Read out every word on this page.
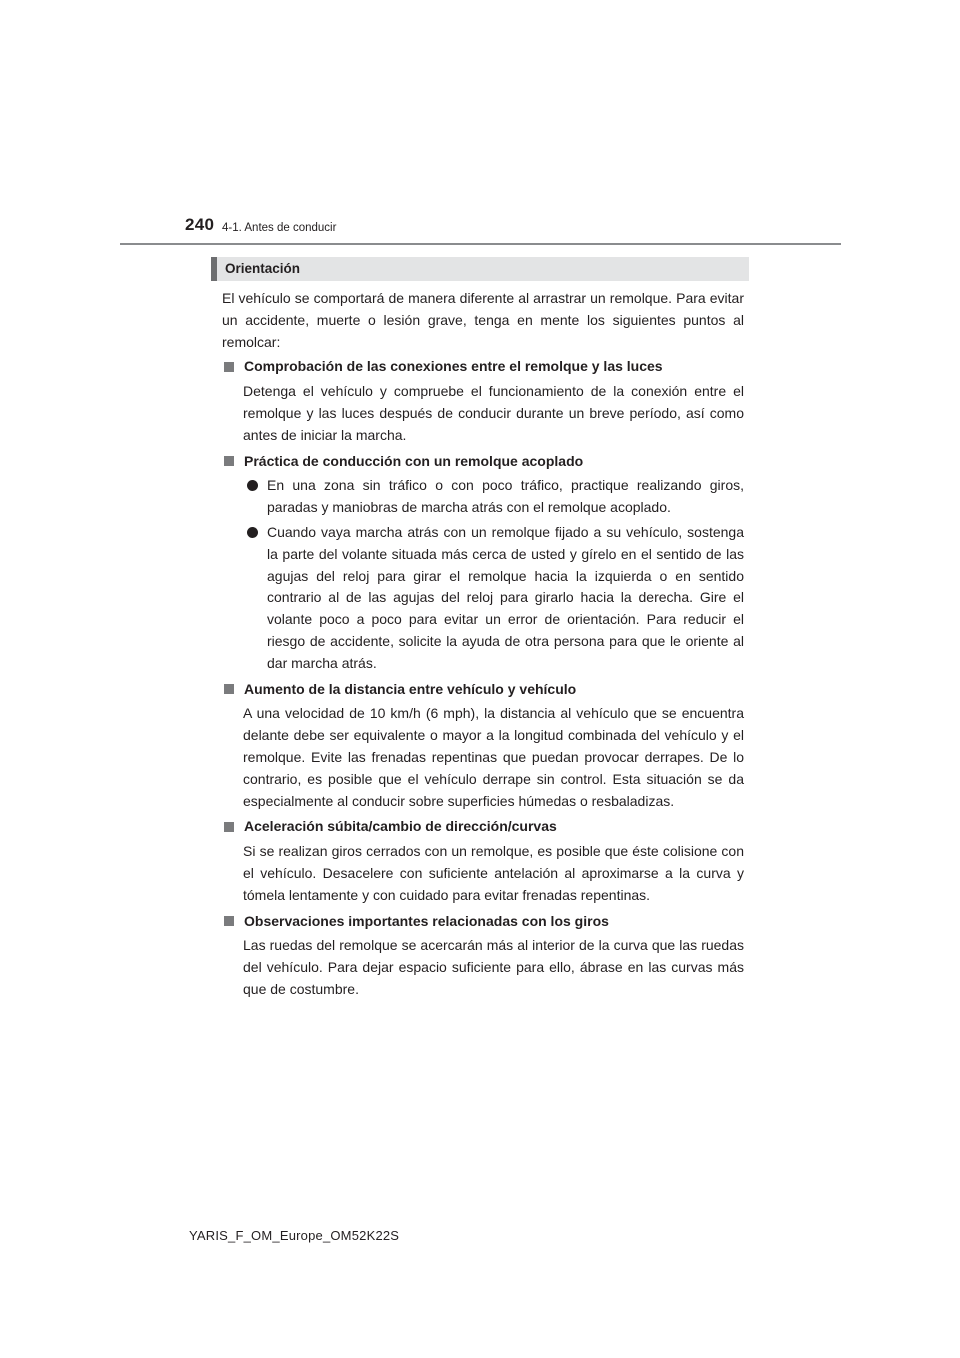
240 4-1. Antes de conducir
Orientación

El vehículo se comportará de manera diferente al arrastrar un remolque. Para evitar un accidente, muerte o lesión grave, tenga en mente los siguientes puntos al remolcar:

Comprobación de las conexiones entre el remolque y las luces

Detenga el vehículo y compruebe el funcionamiento de la conexión entre el remolque y las luces después de conducir durante un breve período, así como antes de iniciar la marcha.

Práctica de conducción con un remolque acoplado

En una zona sin tráfico o con poco tráfico, practique realizando giros, paradas y maniobras de marcha atrás con el remolque acoplado.

Cuando vaya marcha atrás con un remolque fijado a su vehículo, sostenga la parte del volante situada más cerca de usted y gírelo en el sentido de las agujas del reloj para girar el remolque hacia la izquierda o en sentido contrario al de las agujas del reloj para girarlo hacia la derecha. Gire el volante poco a poco para evitar un error de orientación. Para reducir el riesgo de accidente, solicite la ayuda de otra persona para que le oriente al dar marcha atrás.

Aumento de la distancia entre vehículo y vehículo

A una velocidad de 10 km/h (6 mph), la distancia al vehículo que se encuentra delante debe ser equivalente o mayor a la longitud combinada del vehículo y el remolque. Evite las frenadas repentinas que puedan provocar derrapes. De lo contrario, es posible que el vehículo derrape sin control. Esta situación se da especialmente al conducir sobre superficies húmedas o resbaladizas.

Aceleración súbita/cambio de dirección/curvas

Si se realizan giros cerrados con un remolque, es posible que éste colisione con el vehículo. Desacelere con suficiente antelación al aproximarse a la curva y tómela lentamente y con cuidado para evitar frenadas repentinas.

Observaciones importantes relacionadas con los giros

Las ruedas del remolque se acercarán más al interior de la curva que las ruedas del vehículo. Para dejar espacio suficiente para ello, ábrase en las curvas más que de costumbre.

YARIS_F_OM_Europe_OM52K22S
